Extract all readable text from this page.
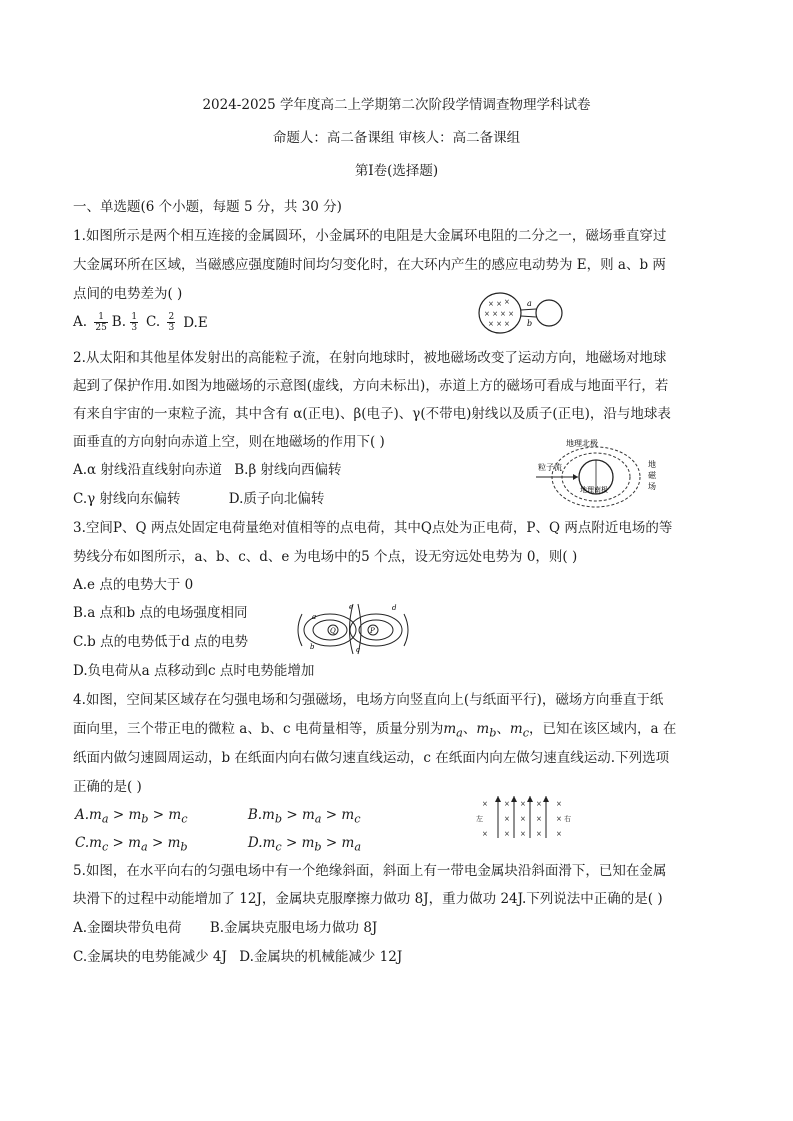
2024-2025 学年度高二上学期第二次阶段学情调查物理学科试卷
命题人：高二备课组 审核人：高二备课组
第Ⅰ卷(选择题)
一、单选题(6 个小题，每题 5 分，共 30 分)
1.如图所示是两个相互连接的金属圆环，小金属环的电阻是大金属环电阻的二分之一，磁场垂直穿过
大金属环所在区域，当磁感应强度随时间均匀变化时，在大环内产生的感应电动势为 E，则 a、b 两
点间的电势差为( )
A. $\frac{1}{25} B$. $\frac{1}{3} C$. $\frac{2}{3} D.E$
× × ×
× × × ×
× × ×
a
b
2.从太阳和其他星体发射出的高能粒子流，在射向地球时，被地磁场改变了运动方向，地磁场对地球
起到了保护作用.如图为地磁场的示意图(虚线，方向未标出)，赤道上方的磁场可看成与地面平行，若
有来自宇宙的一束粒子流，其中含有 α(正电)、β(电子)、γ(不带电)射线以及质子(正电)，沿与地球表
面垂直的方向射向赤道上空，则在地磁场的作用下( )
A.α 射线沿直线射向赤道 B.β 射线向西偏转
C.γ 射线向东偏转	D.质子向北偏转
地理北极
粒子流	地
磁
场
地理南极
3.空间P、Q 两点处固定电荷量绝对值相等的点电荷，其中Q点处为正电荷，P、Q 两点附近电场的等
势线分布如图所示，a、b、c、d、e 为电场中的5 个点，设无穷远处电势为 0，则( )
A.e 点的电势大于 0
B.a 点和b 点的电场强度相同
C.b 点的电势低于d 点的电势
D.负电荷从a 点移动到c 点时电势能增加
Q	P
a
b	c
d
e
4.如图，空间某区域存在匀强电场和匀强磁场，电场方向竖直向上(与纸面平行)，磁场方向垂直于纸
面向里，三个带正电的微粒 a、b、c 电荷量相等，质量分别为$m_a$、$m_b$、$m_c$，已知在该区域内，a 在
纸面内做匀速圆周运动，b 在纸面内向右做匀速直线运动，c 在纸面内向左做匀速直线运动.下列选项
正确的是( )
$A.m_a > m_b > m_c$	$B.m_b > m_a > m_c$
$C.m_c > m_a > m_b$	$D.m_c > m_b > m_a$
× × × × ×
× × × ×
× × × × ×
左	右
5.如图，在水平向右的匀强电场中有一个绝缘斜面，斜面上有一带电金属块沿斜面滑下，已知在金属
块滑下的过程中动能增加了 12J，金属块克服摩擦力做功 8J，重力做功 24J.下列说法中正确的是( )
A.金圈块带负电荷 B.金属块克服电场力做功 8J
C.金属块的电势能减少 4J D.金属块的机械能减少 12J
